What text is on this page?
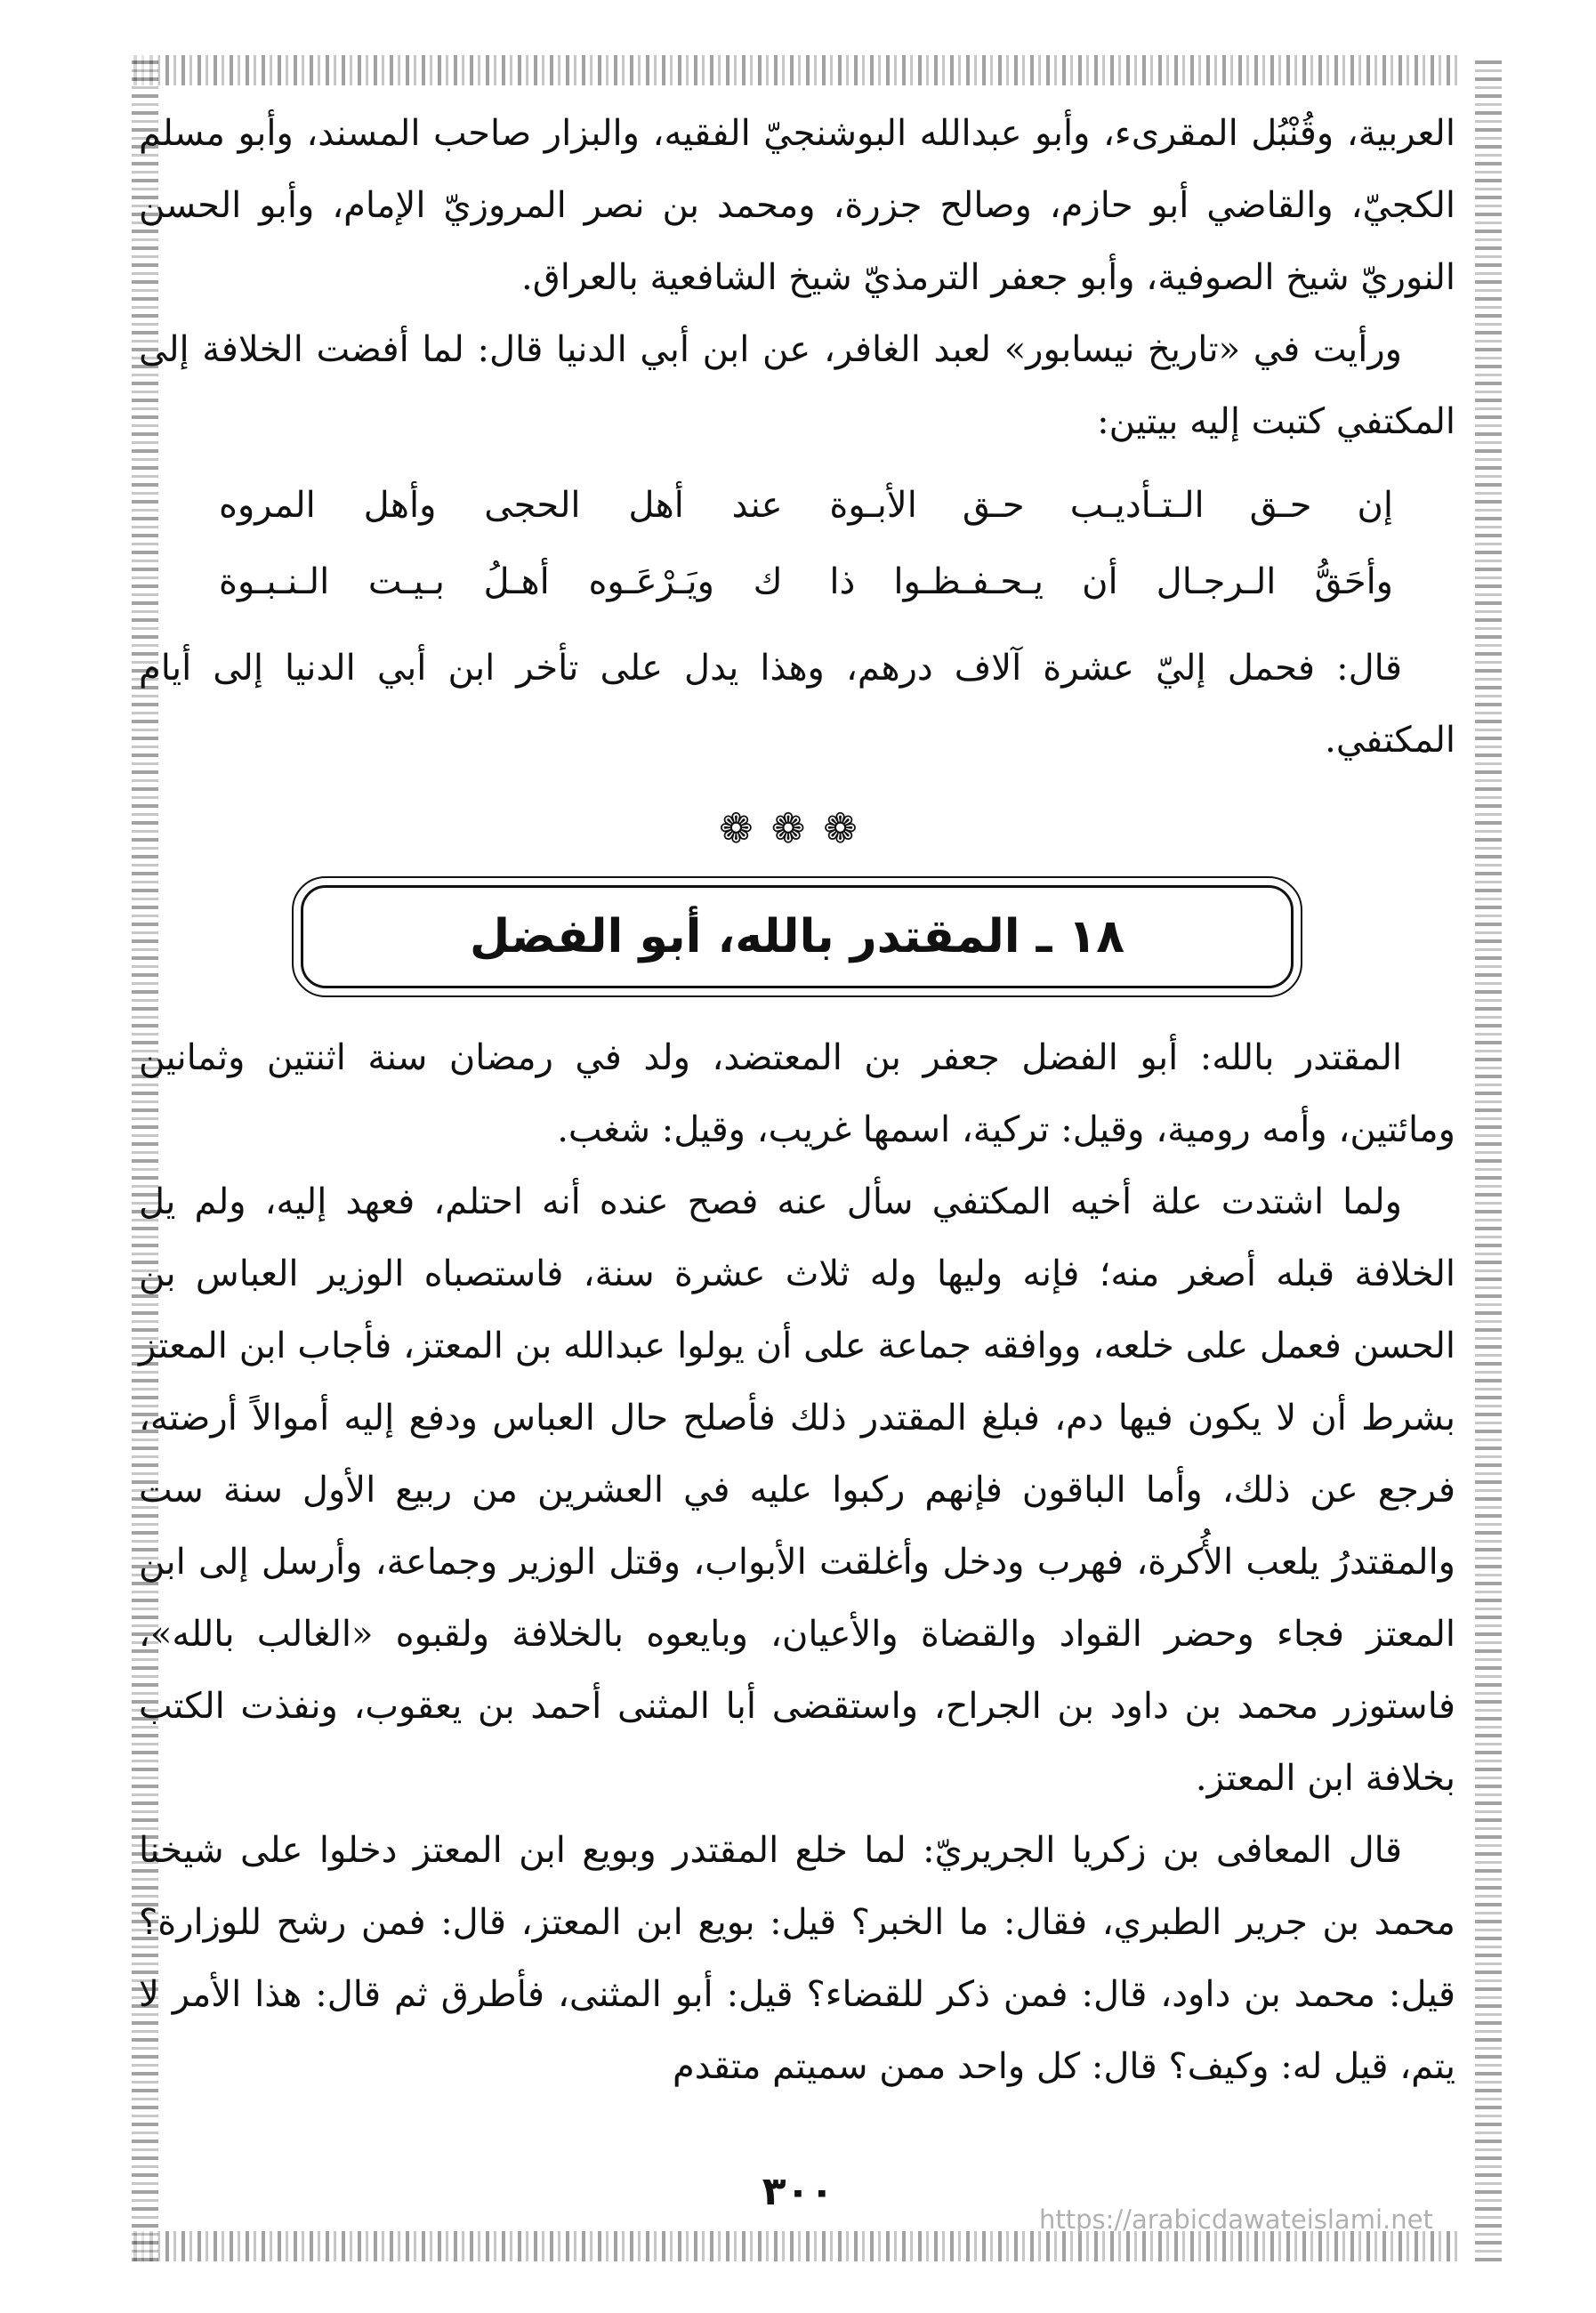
العربية، وقُنْبُل المقرىء، وأبو عبدالله البوشنجيّ الفقيه، والبزار صاحب المسند، وأبو مسلم الكجيّ، والقاضي أبو حازم، وصالح جزرة، ومحمد بن نصر المروزيّ الإمام، وأبو الحسن النوريّ شيخ الصوفية، وأبو جعفر الترمذيّ شيخ الشافعية بالعراق.

ورأيت في «تاريخ نيسابور» لعبد الغافر، عن ابن أبي الدنيا قال: لما أفضت الخلافة إلى المكتفي كتبت إليه بيتين:

إن حـق الـتـأديـب حـق الأبـوة
عند أهل الحجى وأهل المروه
وأحَقُّ الـرجـال أن يـحـفـظـوا ذا
ك ويَـرْعَـوه أهـلُ بـيـت الـنـبـوة

قال: فحمل إليّ عشرة آلاف درهم، وهذا يدل على تأخر ابن أبي الدنيا إلى أيام المكتفي.

❁❁❁
١٨ ـ المقتدر بالله، أبو الفضل

المقتدر بالله: أبو الفضل جعفر بن المعتضد، ولد في رمضان سنة اثنتين وثمانين ومائتين، وأمه رومية، وقيل: تركية، اسمها غريب، وقيل: شغب.

ولما اشتدت علة أخيه المكتفي سأل عنه فصح عنده أنه احتلم، فعهد إليه، ولم يل الخلافة قبله أصغر منه؛ فإنه وليها وله ثلاث عشرة سنة، فاستصباه الوزير العباس بن الحسن فعمل على خلعه، ووافقه جماعة على أن يولوا عبدالله بن المعتز، فأجاب ابن المعتز بشرط أن لا يكون فيها دم، فبلغ المقتدر ذلك فأصلح حال العباس ودفع إليه أموالاً أرضته، فرجع عن ذلك، وأما الباقون فإنهم ركبوا عليه في العشرين من ربيع الأول سنة ست والمقتدرُ يلعب الأُكرة، فهرب ودخل وأغلقت الأبواب، وقتل الوزير وجماعة، وأرسل إلى ابن المعتز فجاء وحضر القواد والقضاة والأعيان، وبايعوه بالخلافة ولقبوه «الغالب بالله»، فاستوزر محمد بن داود بن الجراح، واستقضى أبا المثنى أحمد بن يعقوب، ونفذت الكتب بخلافة ابن المعتز.

قال المعافى بن زكريا الجريريّ: لما خلع المقتدر وبويع ابن المعتز دخلوا على شيخنا محمد بن جرير الطبري، فقال: ما الخبر؟ قيل: بويع ابن المعتز، قال: فمن رشح للوزارة؟ قيل: محمد بن داود، قال: فمن ذكر للقضاء؟ قيل: أبو المثنى، فأطرق ثم قال: هذا الأمر لا يتم، قيل له: وكيف؟ قال: كل واحد ممن سميتم متقدم

٣٠٠
https://arabicdawateislami.net
